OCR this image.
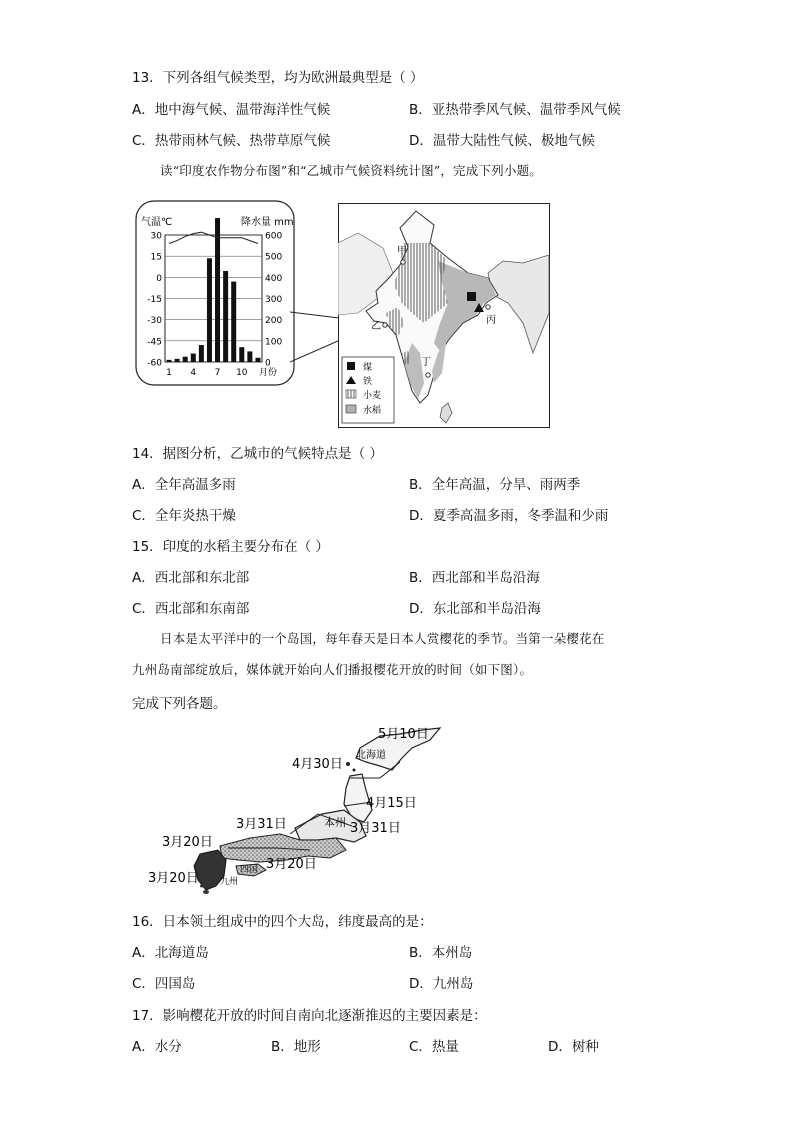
13．下列各组气候类型，均为欧洲最典型是（ ）
A．地中海气候、温带海洋性气候	B．亚热带季风气候、温带季风气候
C．热带雨林气候、热带草原气候	D．温带大陆性气候、极地气候
读“印度农作物分布图”和“乙城市气候资料统计图”，完成下列小题。
气温℃	降水量 mm
30
15
0
-15
-30
-45
-60
600
500
400
300
200
100
0
1 4 7 10 月份
甲
乙
丙
丁
煤
铁
小麦
水稻
14．据图分析，乙城市的气候特点是（ ）
A．全年高温多雨	B．全年高温，分旱、雨两季
C．全年炎热干燥	D．夏季高温多雨，冬季温和少雨
15．印度的水稻主要分布在（ ）
A．西北部和东北部	B．西北部和半岛沿海
C．西北部和东南部	D．东北部和半岛沿海
日本是太平洋中的一个岛国，每年春天是日本人赏樱花的季节。当第一朵樱花在
九州岛南部绽放后，媒体就开始向人们播报樱花开放的时间（如下图）。
完成下列各题。
5月10日
4月30日
4月15日
3月31日	3月31日
3月20日
3月20日
3月20日
北海道
本州
四国
九州
16．日本领土组成中的四个大岛，纬度最高的是：
A．北海道岛	B．本州岛
C．四国岛	D．九州岛
17．影响樱花开放的时间自南向北逐渐推迟的主要因素是：
A．水分	B．地形	C．热量	D．树种
